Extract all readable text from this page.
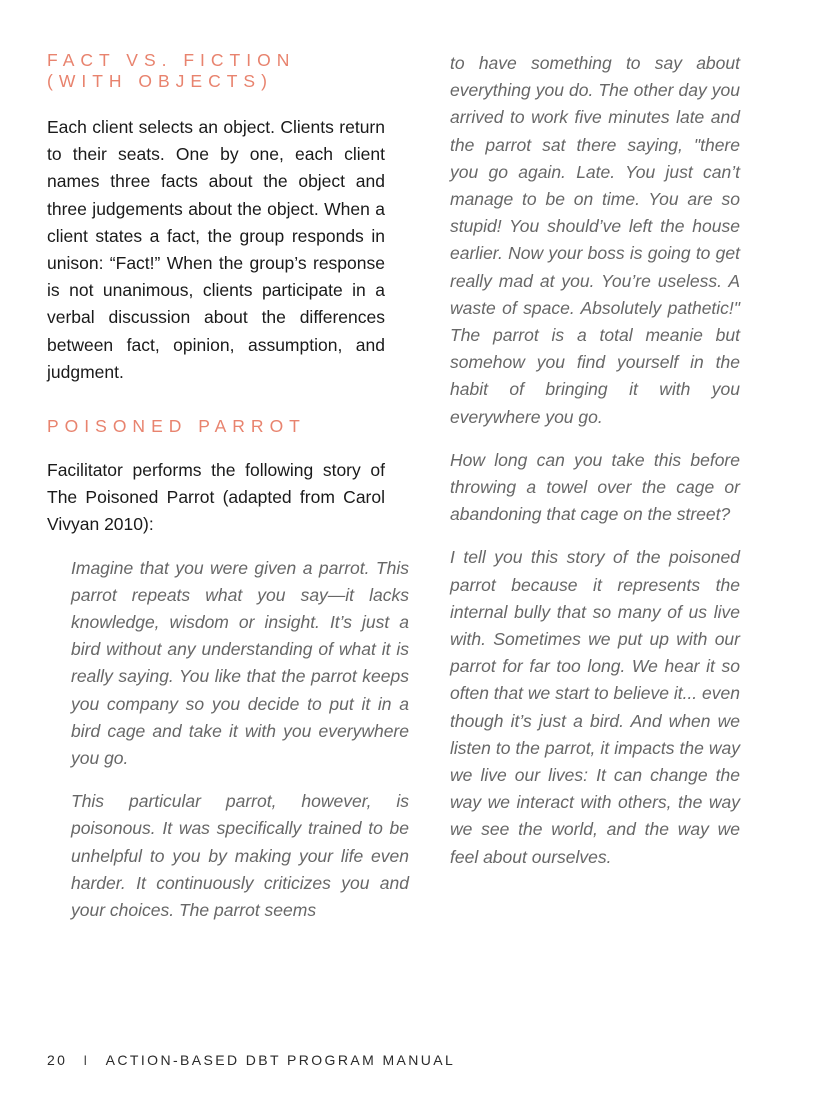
FACT VS. FICTION (WITH OBJECTS)

Each client selects an object. Clients return to their seats. One by one, each client names three facts about the object and three judgements about the object. When a client states a fact, the group responds in unison: “Fact!” When the group’s response is not unanimous, clients participate in a verbal discussion about the differences between fact, opinion, assumption, and judgment.

POISONED PARROT

Facilitator performs the following story of The Poisoned Parrot (adapted from Carol Vivyan 2010):

Imagine that you were given a parrot. This parrot repeats what you say—it lacks knowledge, wisdom or insight. It’s just a bird without any understanding of what it is really saying. You like that the parrot keeps you company so you decide to put it in a bird cage and take it with you everywhere you go.

This particular parrot, however, is poisonous. It was specifically trained to be unhelpful to you by making your life even harder. It continuously criticizes you and your choices. The parrot seems

to have something to say about everything you do. The other day you arrived to work five minutes late and the parrot sat there saying, "there you go again. Late. You just can’t manage to be on time. You are so stupid! You should’ve left the house earlier. Now your boss is going to get really mad at you. You’re useless. A waste of space. Absolutely pathetic!" The parrot is a total meanie but somehow you find yourself in the habit of bringing it with you everywhere you go.

How long can you take this before throwing a towel over the cage or abandoning that cage on the street?

I tell you this story of the poisoned parrot because it represents the internal bully that so many of us live with. Sometimes we put up with our parrot for far too long. We hear it so often that we start to believe it... even though it’s just a bird. And when we listen to the parrot, it impacts the way we live our lives: It can change the way we interact with others, the way we see the world, and the way we feel about ourselves.

20 I ACTION-BASED DBT PROGRAM MANUAL
